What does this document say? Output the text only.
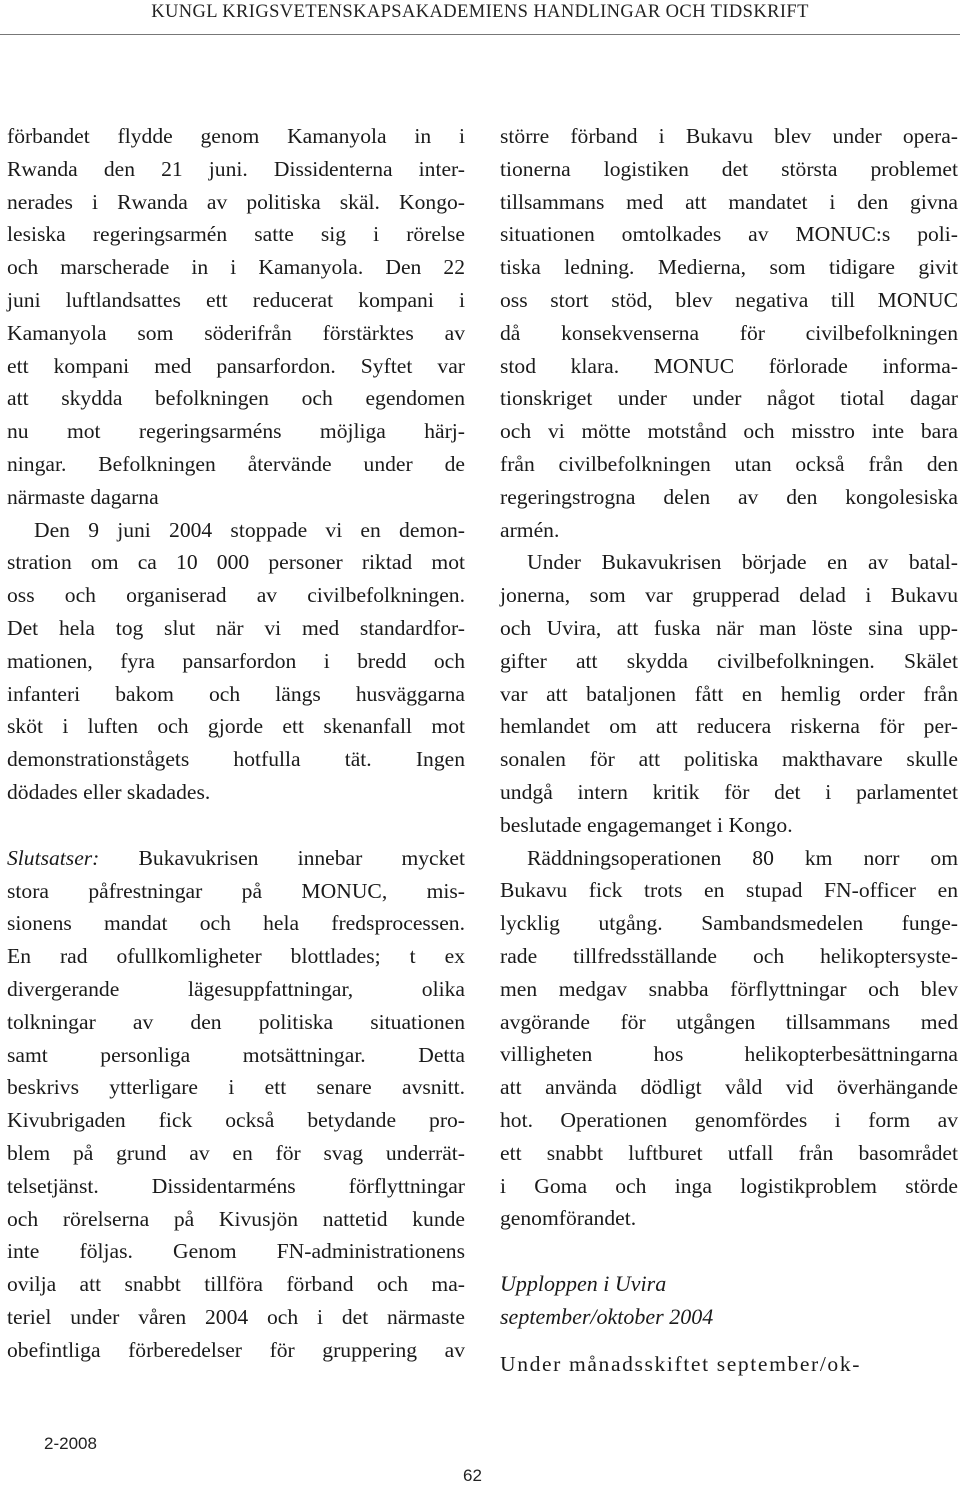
KUNGL KRIGSVETENSKAPSAKADEMIENS HANDLINGAR OCH TIDSKRIFT
förbandet flydde genom Kamanyola in i
Rwanda den 21 juni. Dissidenterna inter-
nerades i Rwanda av politiska skäl. Kongo-
lesiska regeringsarmén satte sig i rörelse
och marscherade in i Kamanyola. Den 22
juni luftlandsattes ett reducerat kompani i
Kamanyola som söderifrån förstärktes av
ett kompani med pansarfordon. Syftet var
att skydda befolkningen och egendomen
nu mot regeringsarméns möjliga härj-
ningar. Befolkningen återvände under de
närmaste dagarna
Den 9 juni 2004 stoppade vi en demon-
stration om ca 10 000 personer riktad mot
oss och organiserad av civilbefolkningen.
Det hela tog slut när vi med standardfor-
mationen, fyra pansarfordon i bredd och
infanteri bakom och längs husväggarna
sköt i luften och gjorde ett skenanfall mot
demonstrationstågets hotfulla tät. Ingen
dödades eller skadades.
Slutsatser: Bukavukrisen innebar mycket
stora påfrestningar på MONUC, mis-
sionens mandat och hela fredsprocessen.
En rad ofullkomligheter blottlades; t ex
divergerande lägesuppfattningar, olika
tolkningar av den politiska situationen
samt personliga motsättningar. Detta
beskrivs ytterligare i ett senare avsnitt.
Kivubrigaden fick också betydande pro-
blem på grund av en för svag underrät-
telsetjänst. Dissidentarméns förflyttningar
och rörelserna på Kivusjön nattetid kunde
inte följas. Genom FN-administrationens
ovilja att snabbt tillföra förband och ma-
teriel under våren 2004 och i det närmaste
obefintliga förberedelser för gruppering av
större förband i Bukavu blev under opera-
tionerna logistiken det största problemet
tillsammans med att mandatet i den givna
situationen omtolkades av MONUC:s poli-
tiska ledning. Medierna, som tidigare givit
oss stort stöd, blev negativa till MONUC
då konsekvenserna för civilbefolkningen
stod klara. MONUC förlorade informa-
tionskriget under under något tiotal dagar
och vi mötte motstånd och misstro inte bara
från civilbefolkningen utan också från den
regeringstrogna delen av den kongolesiska
armén.
Under Bukavukrisen började en av batal-
jonerna, som var grupperad delad i Bukavu
och Uvira, att fuska när man löste sina upp-
gifter att skydda civilbefolkningen. Skälet
var att bataljonen fått en hemlig order från
hemlandet om att reducera riskerna för per-
sonalen för att politiska makthavare skulle
undgå intern kritik för det i parlamentet
beslutade engagemanget i Kongo.
Räddningsoperationen 80 km norr om
Bukavu fick trots en stupad FN-officer en
lycklig utgång. Sambandsmedelen funge-
rade tillfredsställande och helikoptersyste-
men medgav snabba förflyttningar och blev
avgörande för utgången tillsammans med
villigheten hos helikopterbesättningarna
att använda dödligt våld vid överhängande
hot. Operationen genomfördes i form av
ett snabbt luftburet utfall från basområdet
i Goma och inga logistikproblem störde
genomförandet.
Upploppen i Uvira
september/oktober 2004
Under månadsskiftet september/ok-
2-2008
62
